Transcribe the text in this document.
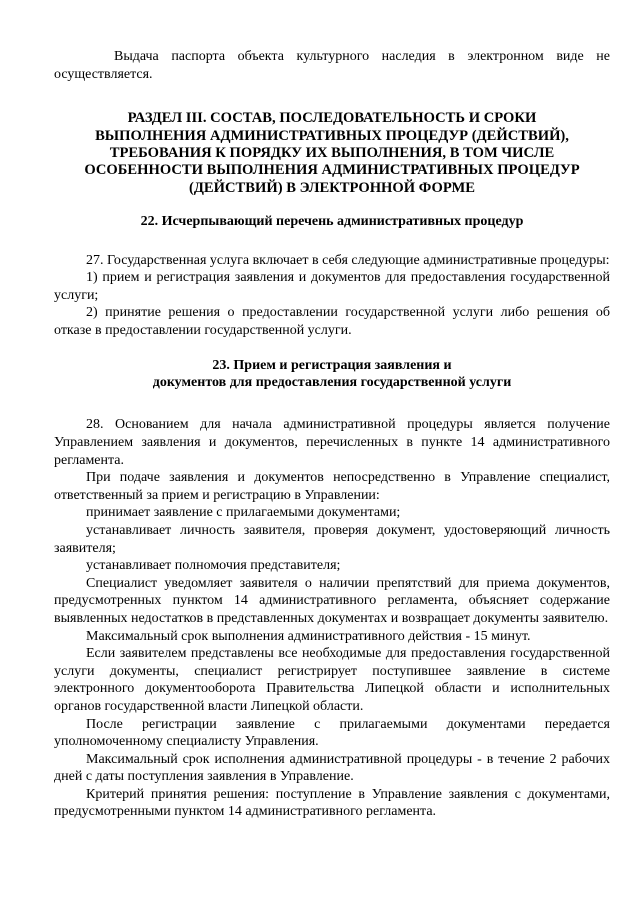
Выдача паспорта объекта культурного наследия в электронном виде не осуществляется.

РАЗДЕЛ III. СОСТАВ, ПОСЛЕДОВАТЕЛЬНОСТЬ И СРОКИ
ВЫПОЛНЕНИЯ АДМИНИСТРАТИВНЫХ ПРОЦЕДУР (ДЕЙСТВИЙ),
ТРЕБОВАНИЯ К ПОРЯДКУ ИХ ВЫПОЛНЕНИЯ, В ТОМ ЧИСЛЕ
ОСОБЕННОСТИ ВЫПОЛНЕНИЯ АДМИНИСТРАТИВНЫХ ПРОЦЕДУР
(ДЕЙСТВИЙ) В ЭЛЕКТРОННОЙ ФОРМЕ
22. Исчерпывающий перечень административных процедур

27. Государственная услуга включает в себя следующие административные процедуры:

1) прием и регистрация заявления и документов для предоставления государственной услуги;

2) принятие решения о предоставлении государственной услуги либо решения об отказе в предоставлении государственной услуги.

23. Прием и регистрация заявления и
документов для предоставления государственной услуги

28. Основанием для начала административной процедуры является получение Управлением заявления и документов, перечисленных в пункте 14 административного регламента.

При подаче заявления и документов непосредственно в Управление специалист, ответственный за прием и регистрацию в Управлении:

принимает заявление с прилагаемыми документами;

устанавливает личность заявителя, проверяя документ, удостоверяющий личность заявителя;

устанавливает полномочия представителя;

Специалист уведомляет заявителя о наличии препятствий для приема документов, предусмотренных пунктом 14 административного регламента, объясняет содержание выявленных недостатков в представленных документах и возвращает документы заявителю.

Максимальный срок выполнения административного действия - 15 минут.

Если заявителем представлены все необходимые для предоставления государственной услуги документы, специалист регистрирует поступившее заявление в системе электронного документооборота Правительства Липецкой области и исполнительных органов государственной власти Липецкой области.

После регистрации заявление с прилагаемыми документами передается уполномоченному специалисту Управления.

Максимальный срок исполнения административной процедуры - в течение 2 рабочих дней с даты поступления заявления в Управление.

Критерий принятия решения: поступление в Управление заявления с документами, предусмотренными пунктом 14 административного регламента.
